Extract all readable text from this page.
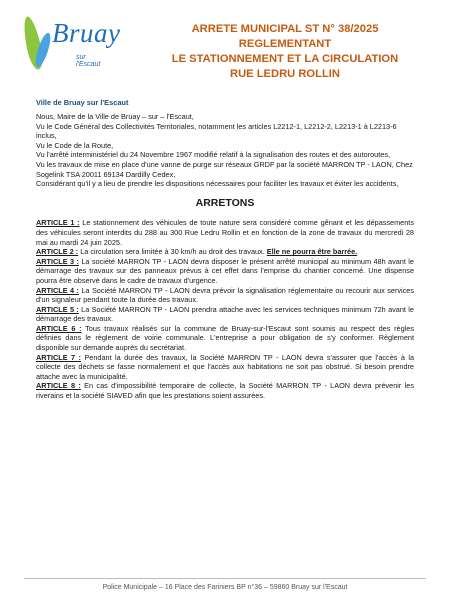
Bruay
sur l'Escaut
ARRETE MUNICIPAL ST N° 38/2025
REGLEMENTANT
LE STATIONNEMENT ET LA CIRCULATION
RUE LEDRU ROLLIN
Ville de Bruay sur l'Escaut

Nous, Maire de la Ville de Bruay – sur – l'Escaut,

Vu le Code Général des Collectivités Territoriales, notamment les articles L2212-1, L2212-2, L2213-1 à L2213-6 inclus,

Vu le Code de la Route,

Vu l'arrêté interministériel du 24 Novembre 1967 modifié relatif à la signalisation des routes et des autoroutes,

Vu les travaux de mise en place d'une vanne de purge sur réseaux GRDF par la société MARRON TP - LAON, Chez Sogelink TSA 20011 69134 Dardilly Cedex,

Considérant qu'il y a lieu de prendre les dispositions nécessaires pour faciliter les travaux et éviter les accidents,

ARRETONS

ARTICLE 1 : Le stationnement des véhicules de toute nature sera considéré comme gênant et les dépassements des véhicules seront interdits du 288 au 300 Rue Ledru Rollin et en fonction de la zone de travaux du mercredi 28 mai au mardi 24 juin 2025.

ARTICLE 2 : La circulation sera limitée à 30 km/h au droit des travaux. Elle ne pourra être barrée.

ARTICLE 3 : La société MARRON TP - LAON devra disposer le présent arrêté municipal au minimum 48h avant le démarrage des travaux sur des panneaux prévus à cet effet dans l'emprise du chantier concerné. Une dispense pourra être observé dans le cadre de travaux d'urgence.

ARTICLE 4 : La Société MARRON TP - LAON devra prévoir la signalisation réglementaire ou recourir aux services d'un signaleur pendant toute la durée des travaux.

ARTICLE 5 : La Société MARRON TP - LAON prendra attache avec les services techniques minimum 72h avant le démarrage des travaux.

ARTICLE 6 : Tous travaux réalisés sur la commune de Bruay-sur-l'Escaut sont soumis au respect des règles définies dans le règlement de voirie communale. L'entreprise a pour obligation de s'y conformer. Règlement disponible sur demande auprès du secrétariat.

ARTICLE 7 : Pendant la durée des travaux, la Société MARRON TP - LAON devra s'assurer que l'accès à la collecte des déchets se fasse normalement et que l'accès aux habitations ne soit pas obstrué. Si besoin prendre attache avec la municipalité.

ARTICLE 8 : En cas d'impossibilité temporaire de collecte, la Société MARRON TP - LAON devra prévenir les riverains et la société SIAVED afin que les prestations soient assurées.

Police Municipale – 16 Place des Fariniers BP n°36 – 59860 Bruay sur l'Escaut
